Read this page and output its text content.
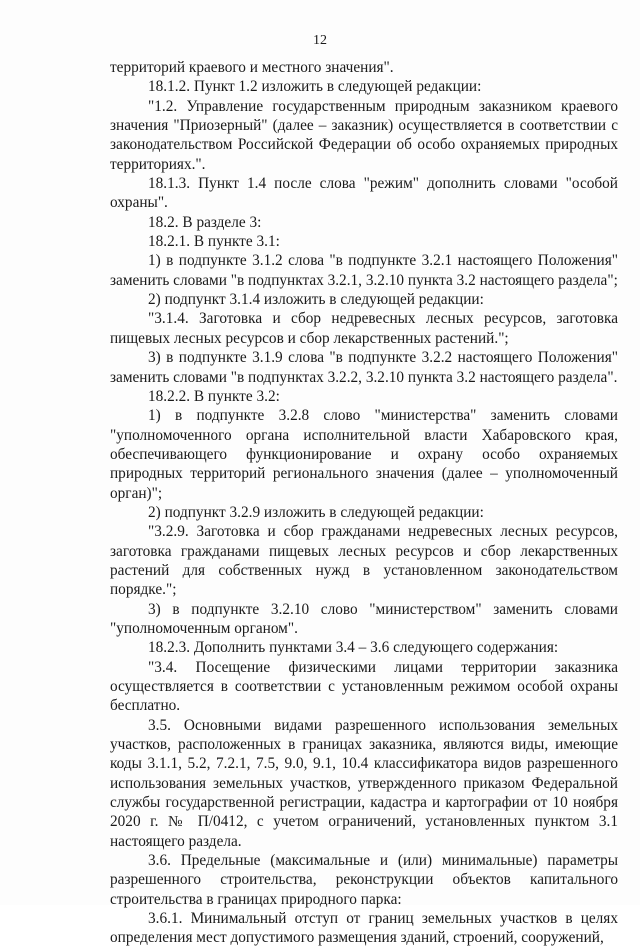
12

территорий краевого и местного значения".

18.1.2. Пункт 1.2 изложить в следующей редакции:

"1.2. Управление государственным природным заказником краевого значения "Приозерный" (далее – заказник) осуществляется в соответствии с законодательством Российской Федерации об особо охраняемых природных территориях.".

18.1.3. Пункт 1.4 после слова "режим" дополнить словами "особой охраны".

18.2. В разделе 3:

18.2.1. В пункте 3.1:

1) в подпункте 3.1.2 слова "в подпункте 3.2.1 настоящего Положения" заменить словами "в подпунктах 3.2.1, 3.2.10 пункта 3.2 настоящего раздела";

2) подпункт 3.1.4 изложить в следующей редакции:

"3.1.4. Заготовка и сбор недревесных лесных ресурсов, заготовка пищевых лесных ресурсов и сбор лекарственных растений.";

3) в подпункте 3.1.9 слова "в подпункте 3.2.2 настоящего Положения" заменить словами "в подпунктах 3.2.2, 3.2.10 пункта 3.2 настоящего раздела".

18.2.2. В пункте 3.2:

1) в подпункте 3.2.8 слово "министерства" заменить словами "уполномоченного органа исполнительной власти Хабаровского края, обеспечивающего функционирование и охрану особо охраняемых природных территорий регионального значения (далее – уполномоченный орган)";

2) подпункт 3.2.9 изложить в следующей редакции:

"3.2.9. Заготовка и сбор гражданами недревесных лесных ресурсов, заготовка гражданами пищевых лесных ресурсов и сбор лекарственных растений для собственных нужд в установленном законодательством порядке.";

3) в подпункте 3.2.10 слово "министерством" заменить словами "уполномоченным органом".

18.2.3. Дополнить пунктами 3.4 – 3.6 следующего содержания:

"3.4. Посещение физическими лицами территории заказника осуществляется в соответствии с установленным режимом особой охраны бесплатно.

3.5. Основными видами разрешенного использования земельных участков, расположенных в границах заказника, являются виды, имеющие коды 3.1.1, 5.2, 7.2.1, 7.5, 9.0, 9.1, 10.4 классификатора видов разрешенного использования земельных участков, утвержденного приказом Федеральной службы государственной регистрации, кадастра и картографии от 10 ноября 2020 г. № П/0412, с учетом ограничений, установленных пунктом 3.1 настоящего раздела.

3.6. Предельные (максимальные и (или) минимальные) параметры разрешенного строительства, реконструкции объектов капитального строительства в границах природного парка:

3.6.1. Минимальный отступ от границ земельных участков в целях определения мест допустимого размещения зданий, строений, сооружений,
